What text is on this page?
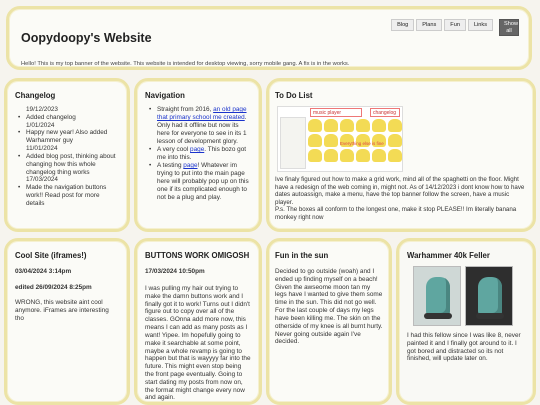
Oopydoopy's Website
Hello! This is my top banner of the website. This website is intended for desktop viewing, sorry mobile gang. A fix is in the works.
Blog	Plans	Fun	Links	Show all
Changelog
19/12/2023
• Added changelog
1/01/2024
• Happy new year! Also added Warhammer guy
11/01/2024
• Added blog post, thinking about changing how this whole changelog thing works
17/03/2024
• Made the navigation buttons work!! Read post for more details
Navigation
• Straight from 2016, an old page that primary school me created. Only had it offline but now its here for everyone to see in its 1 lesson of development glory.
• A very cool page. This bozo got me into this.
• A testing page! Whatever im trying to put into the main page here will probably pop up on this one if its complicated enough to not be a plug and play.
To Do List
music player	changelog
Everything else is fine

Ive finaly figured out how to make a grid work, mind all of the spaghetti on the floor. Might have a redesign of the web coming in, might not. As of 14/12/2023 i dont know how to have dates autoassign, make a menu, have the top banner follow the screen, have a music player.

P.s. The boxes all conform to the longest one, make it stop PLEASE!! Im literally banana monkey right now

Cool Site (iframes!)

03/04/2024 3:14pm

edited 26/09/2024 8:25pm

WRONG, this website aint cool anymore. iFrames are interesting tho

BUTTONS WORK OMIGOSH

17/03/2024 10:50pm

I was pulling my hair out trying to make the damn buttons work and I finally got it to work! Turns out I didn't figure out to copy over all of the classes. GOnna add more now, this means I can add as many posts as I want! Yipee. Im hopefully going to make it searchable at some point, maybe a whole revamp is going to happen but that is wayyyy far into the future. This might even stop being the front page eventually. Going to start dating my posts from now on, the format might change every now and again.

Fun in the sun

Decided to go outside (woah) and I ended up finding myself on a beach! Given the awseome moon tan my legs have I wanted to give them some time in the sun. This did not go well. For the last couple of days my legs have been killing me. The skin on the otherside of my knee is all burnt hurty. Never going outside again I've decided.

Warhammer 40k Feller

I had this fellow since I was like 8, never painted it and I finally got around to it. I got bored and distracted so its not finished, will update later on.
